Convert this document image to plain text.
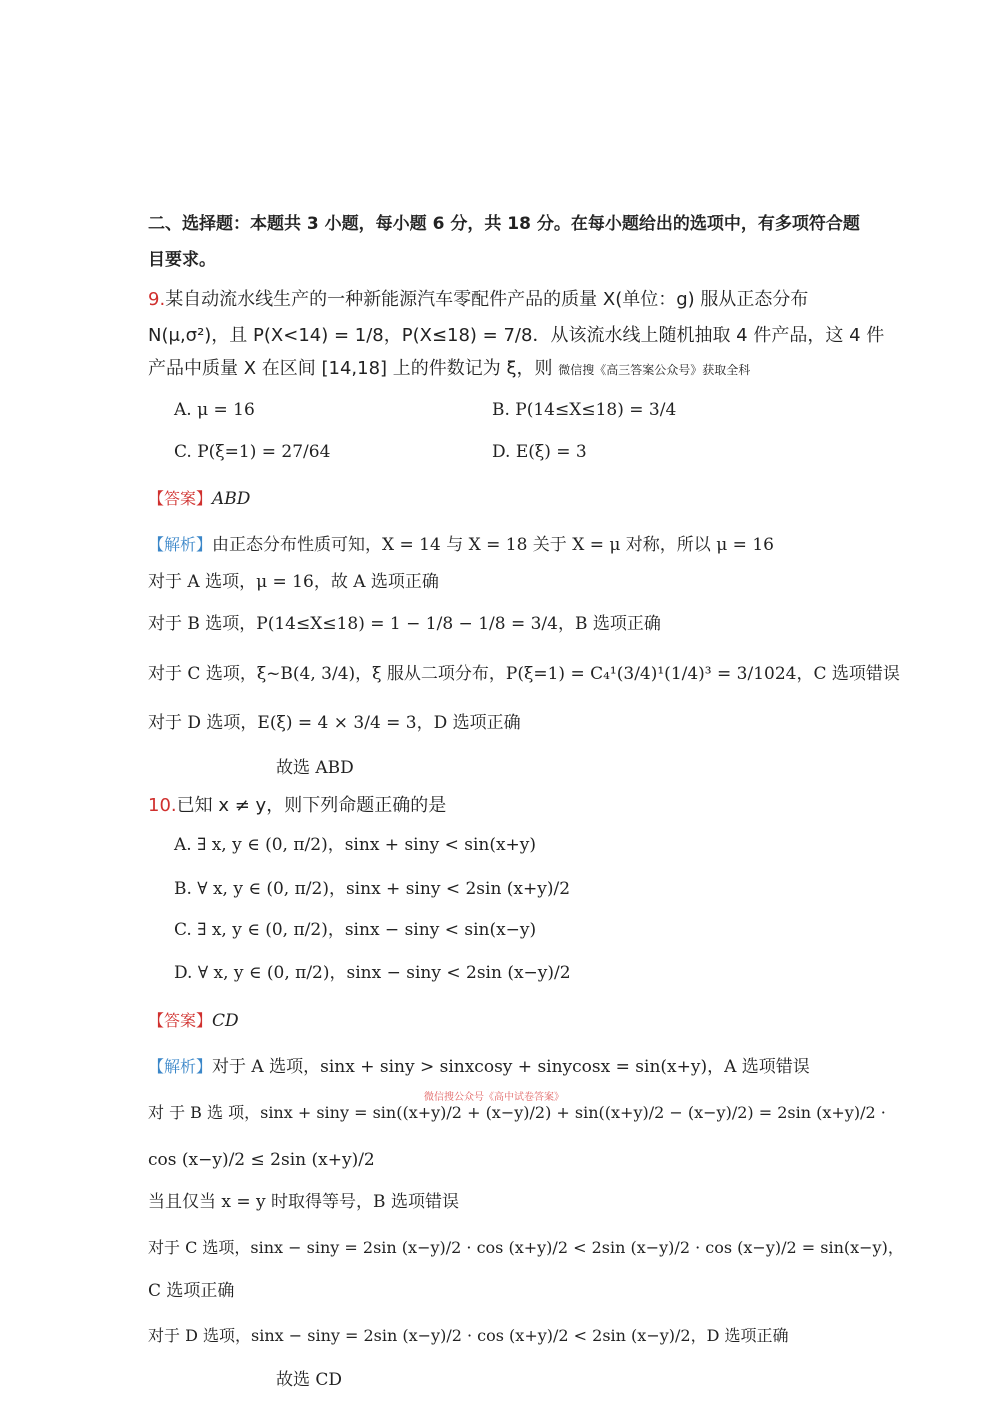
二、选择题：本题共 3 小题，每小题 6 分，共 18 分。在每小题给出的选项中，有多项符合题
目要求。
9.某自动流水线生产的一种新能源汽车零配件产品的质量 X(单位：g) 服从正态分布
N(μ,σ²)，且 P(X<14) = 1/8，P(X≤18) = 7/8．从该流水线上随机抽取 4 件产品，这 4 件
产品中质量 X 在区间 [14,18] 上的件数记为 ξ，则 微信搜《高三答案公众号》获取全科
A. μ = 16	B. P(14≤X≤18) = 3/4
C. P(ξ=1) = 27/64	D. E(ξ) = 3
【答案】ABD
【解析】由正态分布性质可知，X = 14 与 X = 18 关于 X = μ 对称，所以 μ = 16
对于 A 选项，μ = 16，故 A 选项正确
对于 B 选项，P(14≤X≤18) = 1 − 1/8 − 1/8 = 3/4，B 选项正确
对于 C 选项，ξ~B(4, 3/4)，ξ 服从二项分布，P(ξ=1) = C₄¹(3/4)¹(1/4)³ = 3/1024，C 选项错误
对于 D 选项，E(ξ) = 4 × 3/4 = 3，D 选项正确
故选 ABD
10.已知 x ≠ y，则下列命题正确的是
A. ∃ x, y ∈ (0, π/2)，sinx + siny < sin(x+y)
B. ∀ x, y ∈ (0, π/2)，sinx + siny < 2sin (x+y)/2
C. ∃ x, y ∈ (0, π/2)，sinx − siny < sin(x−y)
D. ∀ x, y ∈ (0, π/2)，sinx − siny < 2sin (x−y)/2
【答案】CD
【解析】对于 A 选项，sinx + siny > sinxcosy + sinycosx = sin(x+y)，A 选项错误
微信搜公众号《高中试卷答案》
对 于 B 选 项，sinx + siny = sin((x+y)/2 + (x−y)/2) + sin((x+y)/2 − (x−y)/2) = 2sin (x+y)/2 ·
cos (x−y)/2 ≤ 2sin (x+y)/2
当且仅当 x = y 时取得等号，B 选项错误
对于 C 选项，sinx − siny = 2sin (x−y)/2 · cos (x+y)/2 < 2sin (x−y)/2 · cos (x−y)/2 = sin(x−y)，
C 选项正确
对于 D 选项，sinx − siny = 2sin (x−y)/2 · cos (x+y)/2 < 2sin (x−y)/2，D 选项正确
故选 CD
